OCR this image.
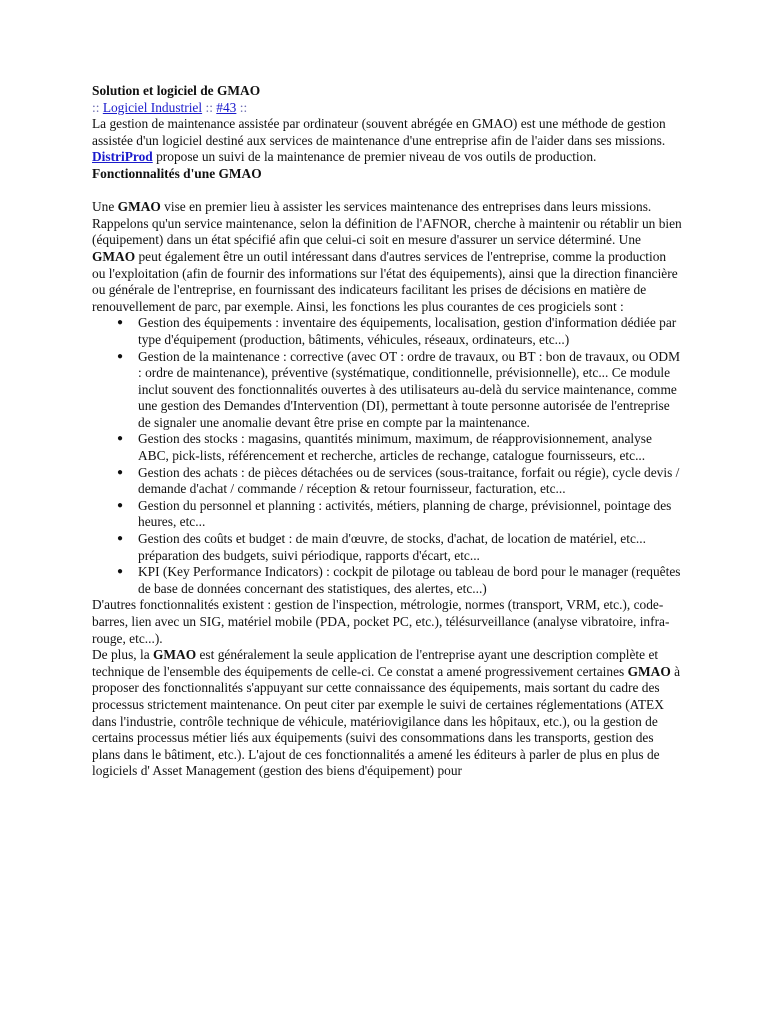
Solution et logiciel de GMAO

:: Logiciel Industriel :: #43 ::

La gestion de maintenance assistée par ordinateur (souvent abrégée en GMAO) est une méthode de gestion assistée d'un logiciel destiné aux services de maintenance d'une entreprise afin de l'aider dans ses missions. DistriProd propose un suivi de la maintenance de premier niveau de vos outils de production.

Fonctionnalités d'une GMAO

Une GMAO vise en premier lieu à assister les services maintenance des entreprises dans leurs missions. Rappelons qu'un service maintenance, selon la définition de l'AFNOR, cherche à maintenir ou rétablir un bien (équipement) dans un état spécifié afin que celui-ci soit en mesure d'assurer un service déterminé. Une GMAO peut également être un outil intéressant dans d'autres services de l'entreprise, comme la production ou l'exploitation (afin de fournir des informations sur l'état des équipements), ainsi que la direction financière ou générale de l'entreprise, en fournissant des indicateurs facilitant les prises de décisions en matière de renouvellement de parc, par exemple. Ainsi, les fonctions les plus courantes de ces progiciels sont :

● Gestion des équipements : inventaire des équipements, localisation, gestion d'information dédiée par type d'équipement (production, bâtiments, véhicules, réseaux, ordinateurs, etc...)
● Gestion de la maintenance : corrective (avec OT : ordre de travaux, ou BT : bon de travaux, ou ODM : ordre de maintenance), préventive (systématique, conditionnelle, prévisionnelle), etc... Ce module inclut souvent des fonctionnalités ouvertes à des utilisateurs au-delà du service maintenance, comme une gestion des Demandes d'Intervention (DI), permettant à toute personne autorisée de l'entreprise de signaler une anomalie devant être prise en compte par la maintenance.
● Gestion des stocks : magasins, quantités minimum, maximum, de réapprovisionnement, analyse ABC, pick-lists, référencement et recherche, articles de rechange, catalogue fournisseurs, etc...
● Gestion des achats : de pièces détachées ou de services (sous-traitance, forfait ou régie), cycle devis / demande d'achat / commande / réception & retour fournisseur, facturation, etc...
● Gestion du personnel et planning : activités, métiers, planning de charge, prévisionnel, pointage des heures, etc...
● Gestion des coûts et budget : de main d'œuvre, de stocks, d'achat, de location de matériel, etc... préparation des budgets, suivi périodique, rapports d'écart, etc...
● KPI (Key Performance Indicators) : cockpit de pilotage ou tableau de bord pour le manager (requêtes de base de données concernant des statistiques, des alertes, etc...)

D'autres fonctionnalités existent : gestion de l'inspection, métrologie, normes (transport, VRM, etc.), code-barres, lien avec un SIG, matériel mobile (PDA, pocket PC, etc.), télésurveillance (analyse vibratoire, infra-rouge, etc...).

De plus, la GMAO est généralement la seule application de l'entreprise ayant une description complète et technique de l'ensemble des équipements de celle-ci. Ce constat a amené progressivement certaines GMAO à proposer des fonctionnalités s'appuyant sur cette connaissance des équipements, mais sortant du cadre des processus strictement maintenance. On peut citer par exemple le suivi de certaines réglementations (ATEX dans l'industrie, contrôle technique de véhicule, matériovigilance dans les hôpitaux, etc.), ou la gestion de certains processus métier liés aux équipements (suivi des consommations dans les transports, gestion des plans dans le bâtiment, etc.). L'ajout de ces fonctionnalités a amené les éditeurs à parler de plus en plus de logiciels d' Asset Management (gestion des biens d'équipement) pour
